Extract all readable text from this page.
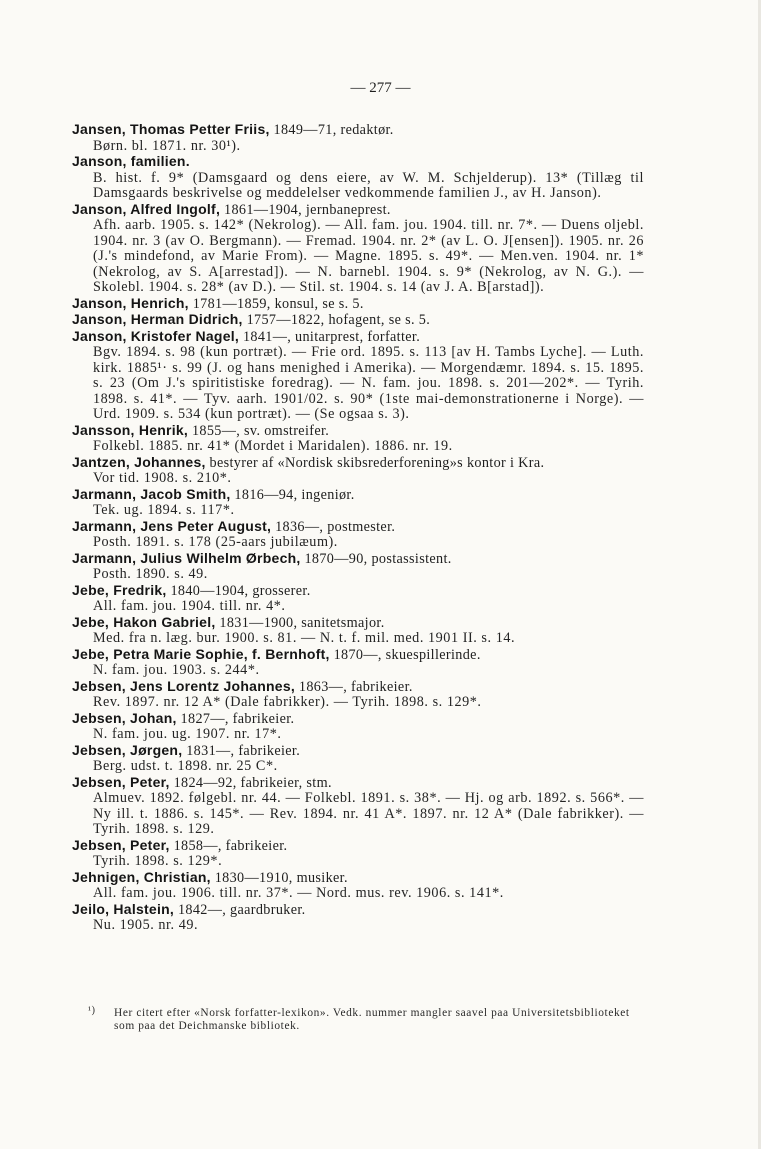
— 277 —

Jansen, Thomas Petter Friis, 1849—71, redaktør.

Børn. bl. 1871. nr. 30¹).

Janson, familien.

B. hist. f. 9* (Damsgaard og dens eiere, av W. M. Schjelderup). 13* (Tillæg til Damsgaards beskrivelse og meddelelser vedkommende familien J., av H. Janson).

Janson, Alfred Ingolf, 1861—1904, jernbaneprest.

Afh. aarb. 1905. s. 142* (Nekrolog). — All. fam. jou. 1904. till. nr. 7*. — Duens oljebl. 1904. nr. 3 (av O. Bergmann). — Fremad. 1904. nr. 2* (av L. O. J[ensen]). 1905. nr. 26 (J.'s mindefond, av Marie From). — Magne. 1895. s. 49*. — Men.ven. 1904. nr. 1* (Nekrolog, av S. A[arrestad]). — N. barnebl. 1904. s. 9* (Nekrolog, av N. G.). — Skolebl. 1904. s. 28* (av D.). — Stil. st. 1904. s. 14 (av J. A. B[arstad]).

Janson, Henrich, 1781—1859, konsul, se s. 5.

Janson, Herman Didrich, 1757—1822, hofagent, se s. 5.

Janson, Kristofer Nagel, 1841—, unitarprest, forfatter.

Bgv. 1894. s. 98 (kun portræt). — Frie ord. 1895. s. 113 [av H. Tambs Lyche]. — Luth. kirk. 1885¹· s. 99 (J. og hans menighed i Amerika). — Morgendæmr. 1894. s. 15. 1895. s. 23 (Om J.'s spiritistiske foredrag). — N. fam. jou. 1898. s. 201—202*. — Tyrih. 1898. s. 41*. — Tyv. aarh. 1901/02. s. 90* (1ste mai-demonstrationerne i Norge). — Urd. 1909. s. 534 (kun portræt). — (Se ogsaa s. 3).

Jansson, Henrik, 1855—, sv. omstreifer.

Folkebl. 1885. nr. 41* (Mordet i Maridalen). 1886. nr. 19.

Jantzen, Johannes, bestyrer af «Nordisk skibsrederforening»s kontor i Kra.

Vor tid. 1908. s. 210*.

Jarmann, Jacob Smith, 1816—94, ingeniør.

Tek. ug. 1894. s. 117*.

Jarmann, Jens Peter August, 1836—, postmester.

Posth. 1891. s. 178 (25-aars jubilæum).

Jarmann, Julius Wilhelm Ørbech, 1870—90, postassistent.

Posth. 1890. s. 49.

Jebe, Fredrik, 1840—1904, grosserer.

All. fam. jou. 1904. till. nr. 4*.

Jebe, Hakon Gabriel, 1831—1900, sanitetsmajor.

Med. fra n. læg. bur. 1900. s. 81. — N. t. f. mil. med. 1901 II. s. 14.

Jebe, Petra Marie Sophie, f. Bernhoft, 1870—, skuespillerinde.

N. fam. jou. 1903. s. 244*.

Jebsen, Jens Lorentz Johannes, 1863—, fabrikeier.

Rev. 1897. nr. 12 A* (Dale fabrikker). — Tyrih. 1898. s. 129*.

Jebsen, Johan, 1827—, fabrikeier.

N. fam. jou. ug. 1907. nr. 17*.

Jebsen, Jørgen, 1831—, fabrikeier.

Berg. udst. t. 1898. nr. 25 C*.

Jebsen, Peter, 1824—92, fabrikeier, stm.

Almuev. 1892. følgebl. nr. 44. — Folkebl. 1891. s. 38*. — Hj. og arb. 1892. s. 566*. — Ny ill. t. 1886. s. 145*. — Rev. 1894. nr. 41 A*. 1897. nr. 12 A* (Dale fabrikker). — Tyrih. 1898. s. 129.

Jebsen, Peter, 1858—, fabrikeier.

Tyrih. 1898. s. 129*.

Jehnigen, Christian, 1830—1910, musiker.

All. fam. jou. 1906. till. nr. 37*. — Nord. mus. rev. 1906. s. 141*.

Jeilo, Halstein, 1842—, gaardbruker.

Nu. 1905. nr. 49.

¹) Her citert efter «Norsk forfatter-lexikon». Vedk. nummer mangler saavel paa Universitetsbiblioteket som paa det Deichmanske bibliotek.
